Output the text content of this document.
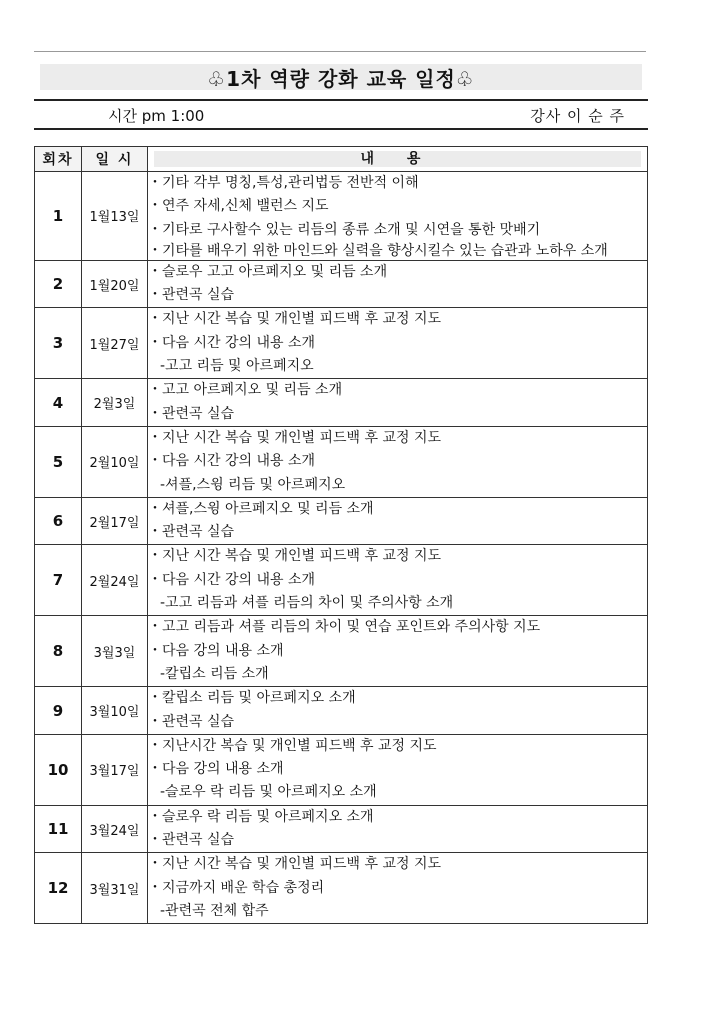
♧1차 역량 강화 교육 일정♧
시간 pm 1:00	강사 이 순 주
회차	일 시	내 용

1	1월13일	・기타 각부 명칭,특성,관리법등 전반적 이해
・연주 자세,신체 밸런스 지도
・기타로 구사할수 있는 리듬의 종류 소개 및 시연을 통한 맛배기
・기타를 배우기 위한 마인드와 실력을 향상시킬수 있는 습관과 노하우 소개

2	1월20일	・슬로우 고고 아르페지오 및 리듬 소개
・관련곡 실습

3	1월27일	・지난 시간 복습 및 개인별 피드백 후 교정 지도
・다음 시간 강의 내용 소개
-고고 리듬 및 아르페지오

4	2월3일	・고고 아르페지오 및 리듬 소개
・관련곡 실습

5	2월10일	・지난 시간 복습 및 개인별 피드백 후 교정 지도
・다음 시간 강의 내용 소개
-셔플,스윙 리듬 및 아르페지오

6	2월17일	・셔플,스윙 아르페지오 및 리듬 소개
・관련곡 실습

7	2월24일	・지난 시간 복습 및 개인별 피드백 후 교정 지도
・다음 시간 강의 내용 소개
-고고 리듬과 셔플 리듬의 차이 및 주의사항 소개

8	3월3일	・고고 리듬과 셔플 리듬의 차이 및 연습 포인트와 주의사항 지도
・다음 강의 내용 소개
-칼립소 리듬 소개

9	3월10일	・칼립소 리듬 및 아르페지오 소개
・관련곡 실습

10	3월17일	・지난시간 복습 및 개인별 피드백 후 교정 지도
・다음 강의 내용 소개
-슬로우 락 리듬 및 아르페지오 소개

11	3월24일	・슬로우 락 리듬 및 아르페지오 소개
・관련곡 실습

12	3월31일	・지난 시간 복습 및 개인별 피드백 후 교정 지도
・지금까지 배운 학습 총정리
-관련곡 전체 합주
